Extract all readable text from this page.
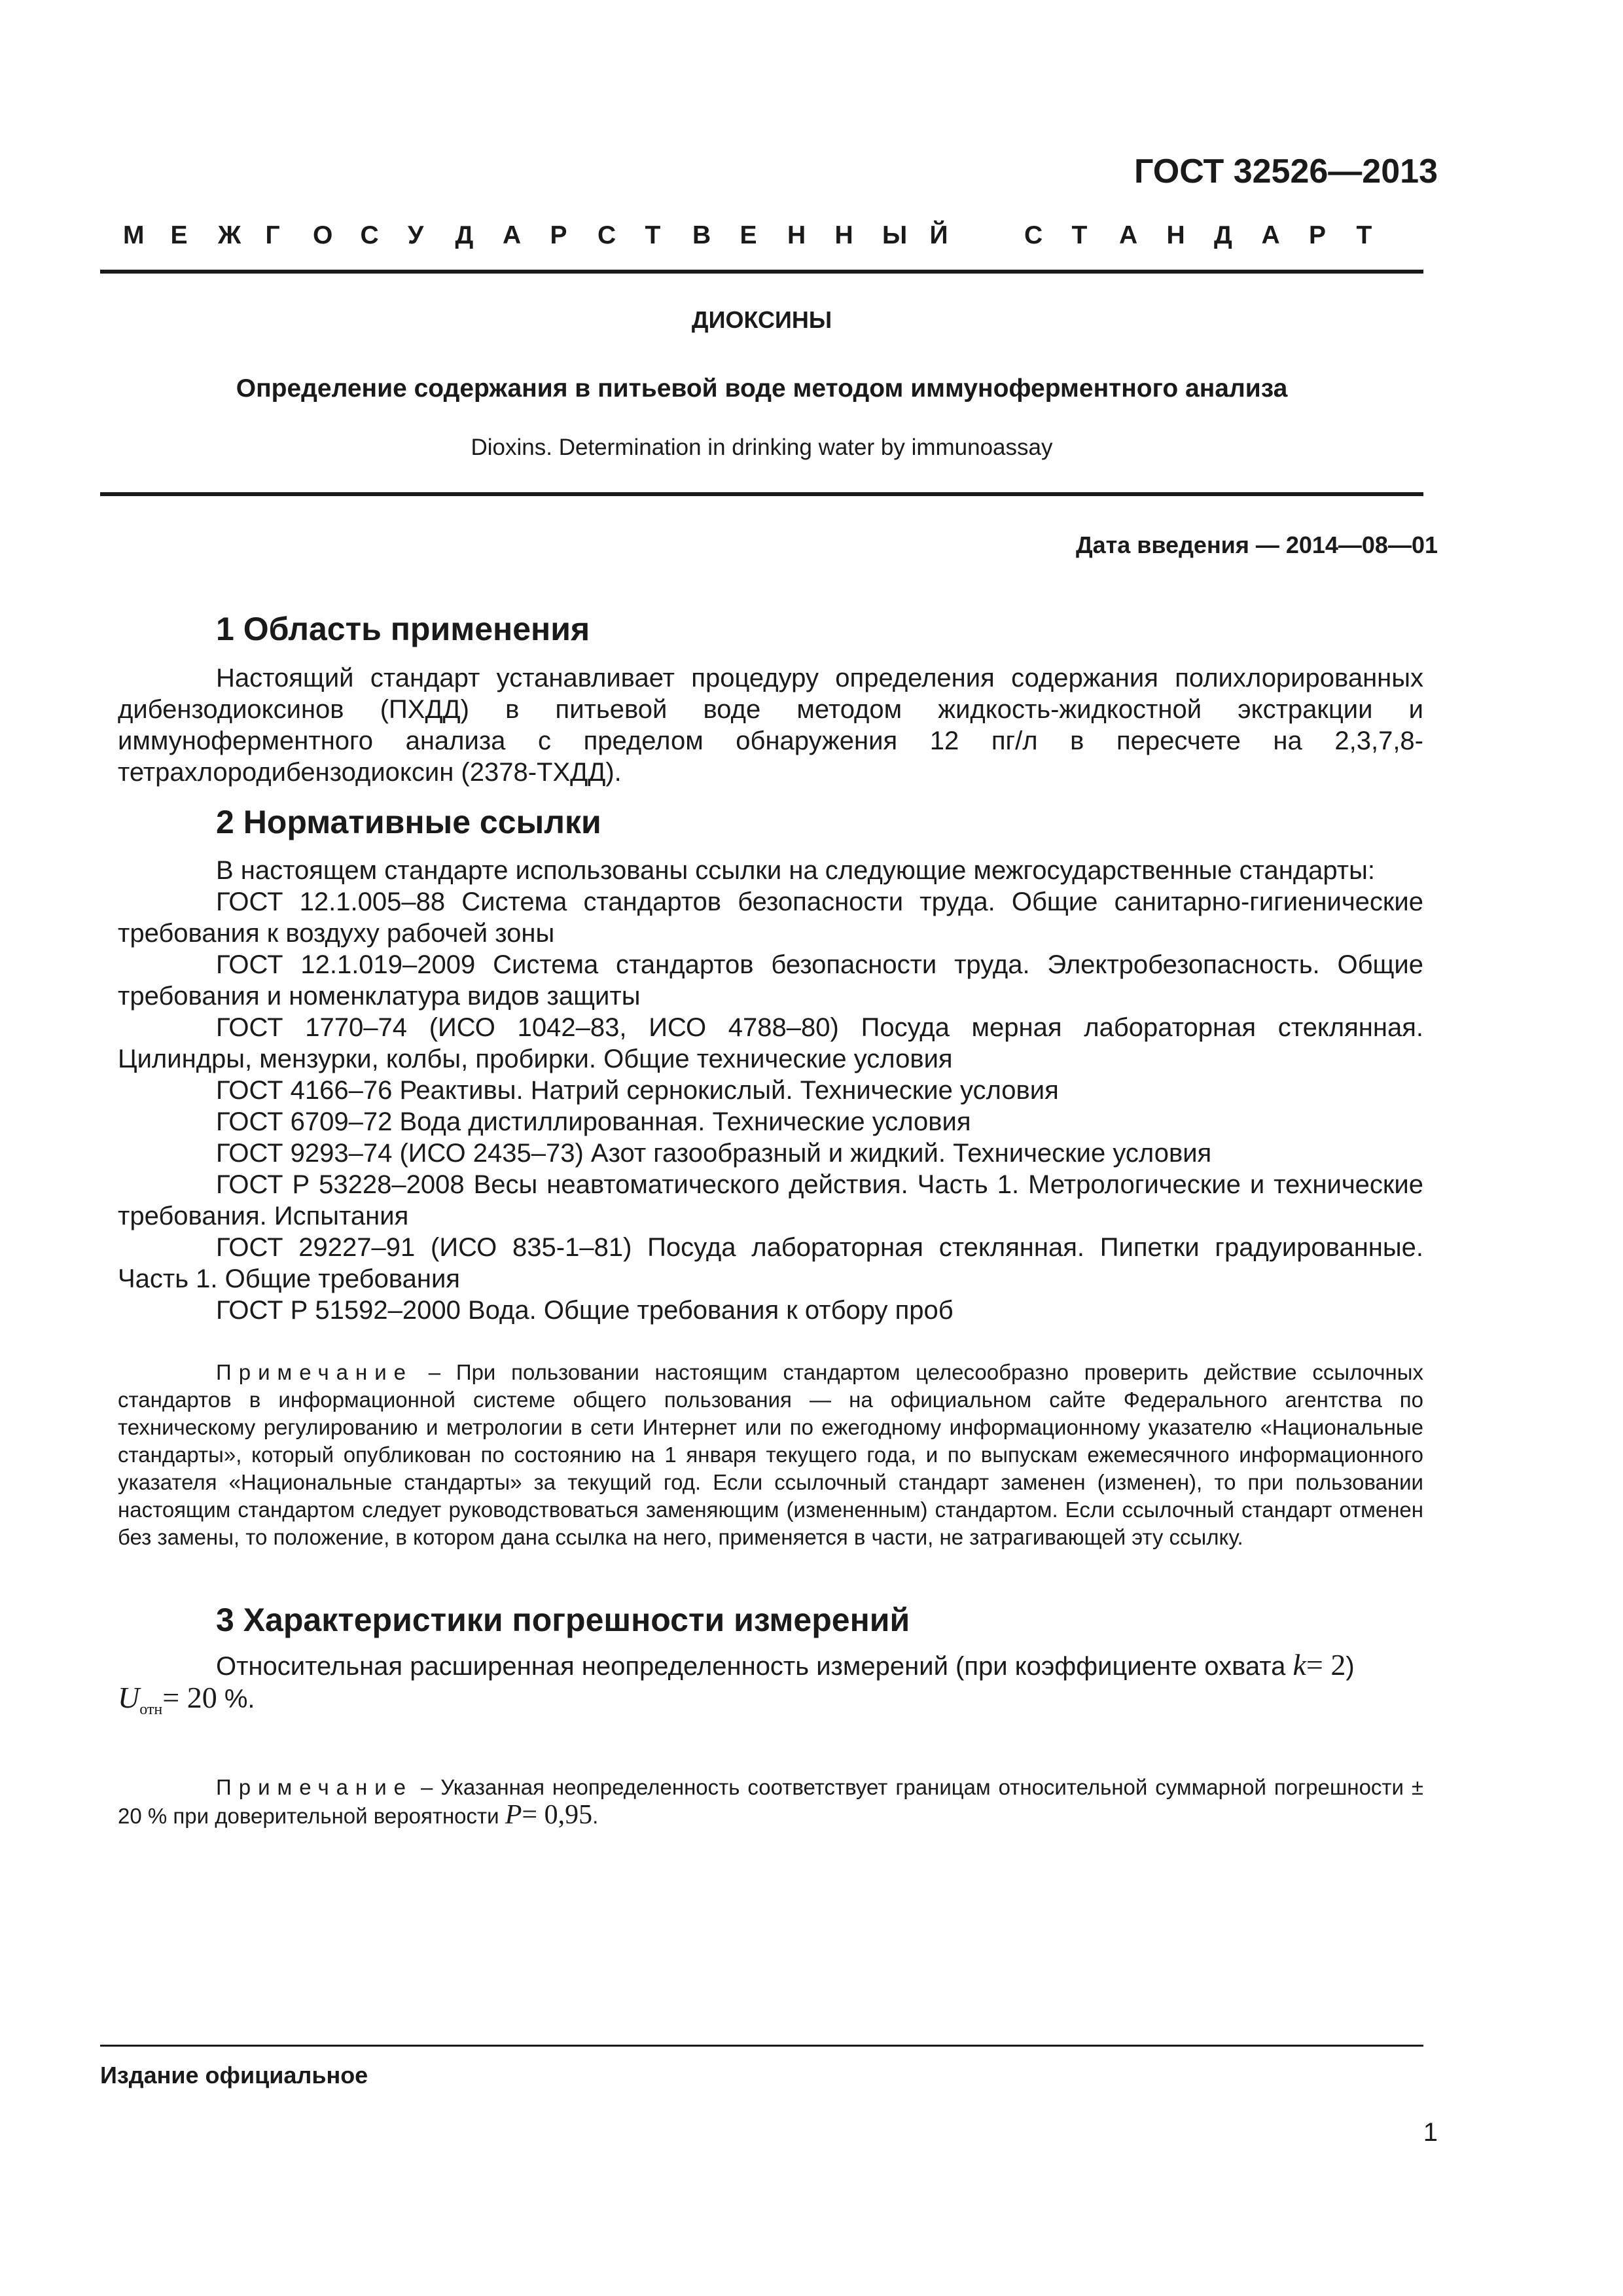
ГОСТ 32526—2013
М Е Ж Г О С У Д А Р С Т В Е Н Н Ы Й	С Т А Н Д А Р Т
ДИОКСИНЫ
Определение содержания в питьевой воде методом иммуноферментного анализа
Dioxins. Determination in drinking water by immunoassay
Дата введения — 2014—08—01
1 Область применения

Настоящий стандарт устанавливает процедуру определения содержания полихлорированных дибензодиоксинов (ПХДД) в питьевой воде методом жидкость-жидкостной экстракции и иммуноферментного анализа с пределом обнаружения 12 пг/л в пересчете на 2,3,7,8-тетрахлородибензодиоксин (2378-ТХДД).

2 Нормативные ссылки

В настоящем стандарте использованы ссылки на следующие межгосударственные стандарты:

ГОСТ 12.1.005–88 Система стандартов безопасности труда. Общие санитарно-гигиенические требования к воздуху рабочей зоны

ГОСТ 12.1.019–2009 Система стандартов безопасности труда. Электробезопасность. Общие требования и номенклатура видов защиты

ГОСТ 1770–74 (ИСО 1042–83, ИСО 4788–80) Посуда мерная лабораторная стеклянная. Цилиндры, мензурки, колбы, пробирки. Общие технические условия

ГОСТ 4166–76 Реактивы. Натрий сернокислый. Технические условия

ГОСТ 6709–72 Вода дистиллированная. Технические условия

ГОСТ 9293–74 (ИСО 2435–73) Азот газообразный и жидкий. Технические условия

ГОСТ Р 53228–2008 Весы неавтоматического действия. Часть 1. Метрологические и технические требования. Испытания

ГОСТ 29227–91 (ИСО 835-1–81) Посуда лабораторная стеклянная. Пипетки градуированные. Часть 1. Общие требования

ГОСТ Р 51592–2000 Вода. Общие требования к отбору проб

Примечание – При пользовании настоящим стандартом целесообразно проверить действие ссылочных стандартов в информационной системе общего пользования — на официальном сайте Федерального агентства по техническому регулированию и метрологии в сети Интернет или по ежегодному информационному указателю «Национальные стандарты», который опубликован по состоянию на 1 января текущего года, и по выпускам ежемесячного информационного указателя «Национальные стандарты» за текущий год. Если ссылочный стандарт заменен (изменен), то при пользовании настоящим стандартом следует руководствоваться заменяющим (измененным) стандартом. Если ссылочный стандарт отменен без замены, то положение, в котором дана ссылка на него, применяется в части, не затрагивающей эту ссылку.

3 Характеристики погрешности измерений

Относительная расширенная неопределенность измерений (при коэффициенте охвата k= 2)
$U_{отн}= 20$ %.

Примечание – Указанная неопределенность соответствует границам относительной суммарной погрешности ± 20 % при доверительной вероятности P= 0,95.

Издание официальное
1
